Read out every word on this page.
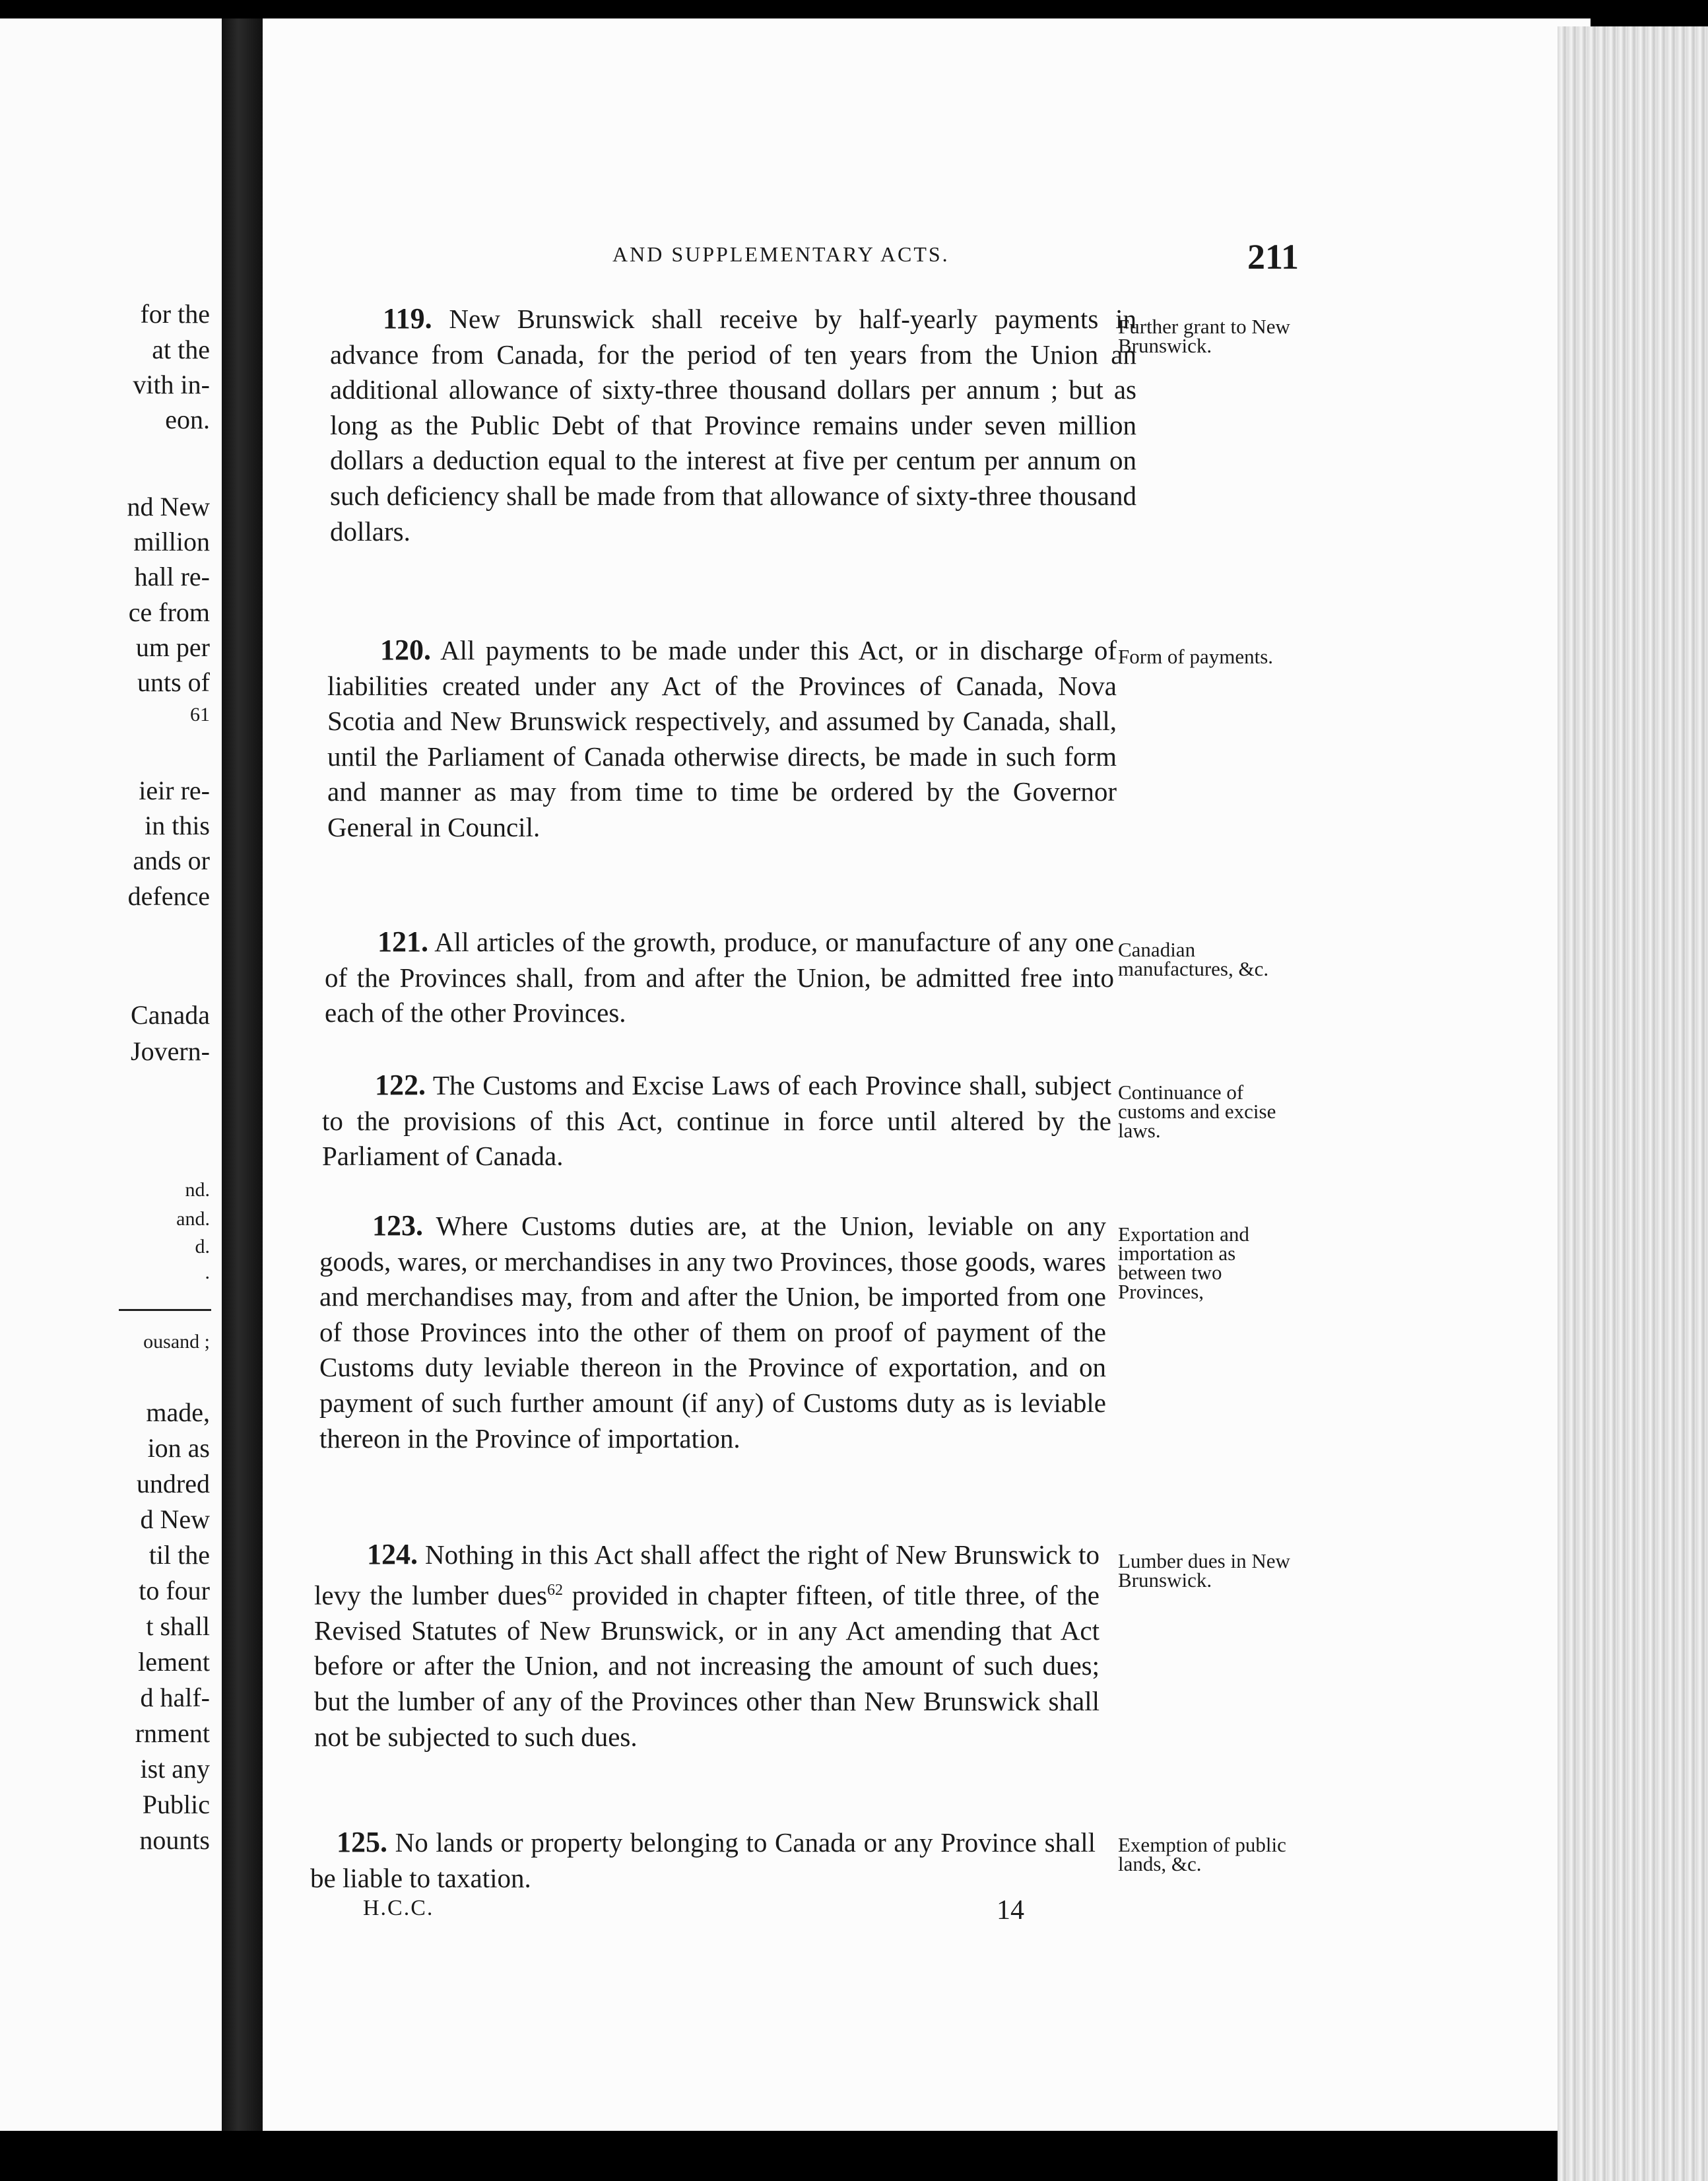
for the
at the
vith in-
eon.
nd New
million
hall re-
ce from
um per
unts of
61
ieir re-
in this
ands or
defence
Canada
Jovern-
nd.
and.
d.
.
ousand ;
made,
ion as
undred
d New
til the
to four
t shall
lement
d half-
rnment
ist any
Public
nounts
AND SUPPLEMENTARY ACTS.	211
119. New Brunswick shall receive by half-yearly payments in advance from Canada, for the period of ten years from the Union an additional allowance of sixty-three thousand dollars per annum ; but as long as the Public Debt of that Province remains under seven million dollars a deduction equal to the interest at five per centum per annum on such deficiency shall be made from that allowance of sixty-three thousand dollars.
Further grant to New Brunswick.
120. All payments to be made under this Act, or in discharge of liabilities created under any Act of the Provinces of Canada, Nova Scotia and New Brunswick respectively, and assumed by Canada, shall, until the Parliament of Canada otherwise directs, be made in such form and manner as may from time to time be ordered by the Governor General in Council.
Form of payments.
121. All articles of the growth, produce, or manufacture of any one of the Provinces shall, from and after the Union, be admitted free into each of the other Provinces.
Canadian manufactures, &c.
122. The Customs and Excise Laws of each Province shall, subject to the provisions of this Act, continue in force until altered by the Parliament of Canada.
Continuance of customs and excise laws.
123. Where Customs duties are, at the Union, leviable on any goods, wares, or merchandises in any two Provinces, those goods, wares and merchandises may, from and after the Union, be imported from one of those Provinces into the other of them on proof of payment of the Customs duty leviable thereon in the Province of exportation, and on payment of such further amount (if any) of Customs duty as is leviable thereon in the Province of importation.
Exportation and importation as between two Provinces,
124. Nothing in this Act shall affect the right of New Brunswick to levy the lumber dues$^{62}$ provided in chapter fifteen, of title three, of the Revised Statutes of New Brunswick, or in any Act amending that Act before or after the Union, and not increasing the amount of such dues; but the lumber of any of the Provinces other than New Brunswick shall not be subjected to such dues.
Lumber dues in New Brunswick.
125. No lands or property belonging to Canada or any Province shall be liable to taxation.
Exemption of public lands, &c.
H.C.C.	14
